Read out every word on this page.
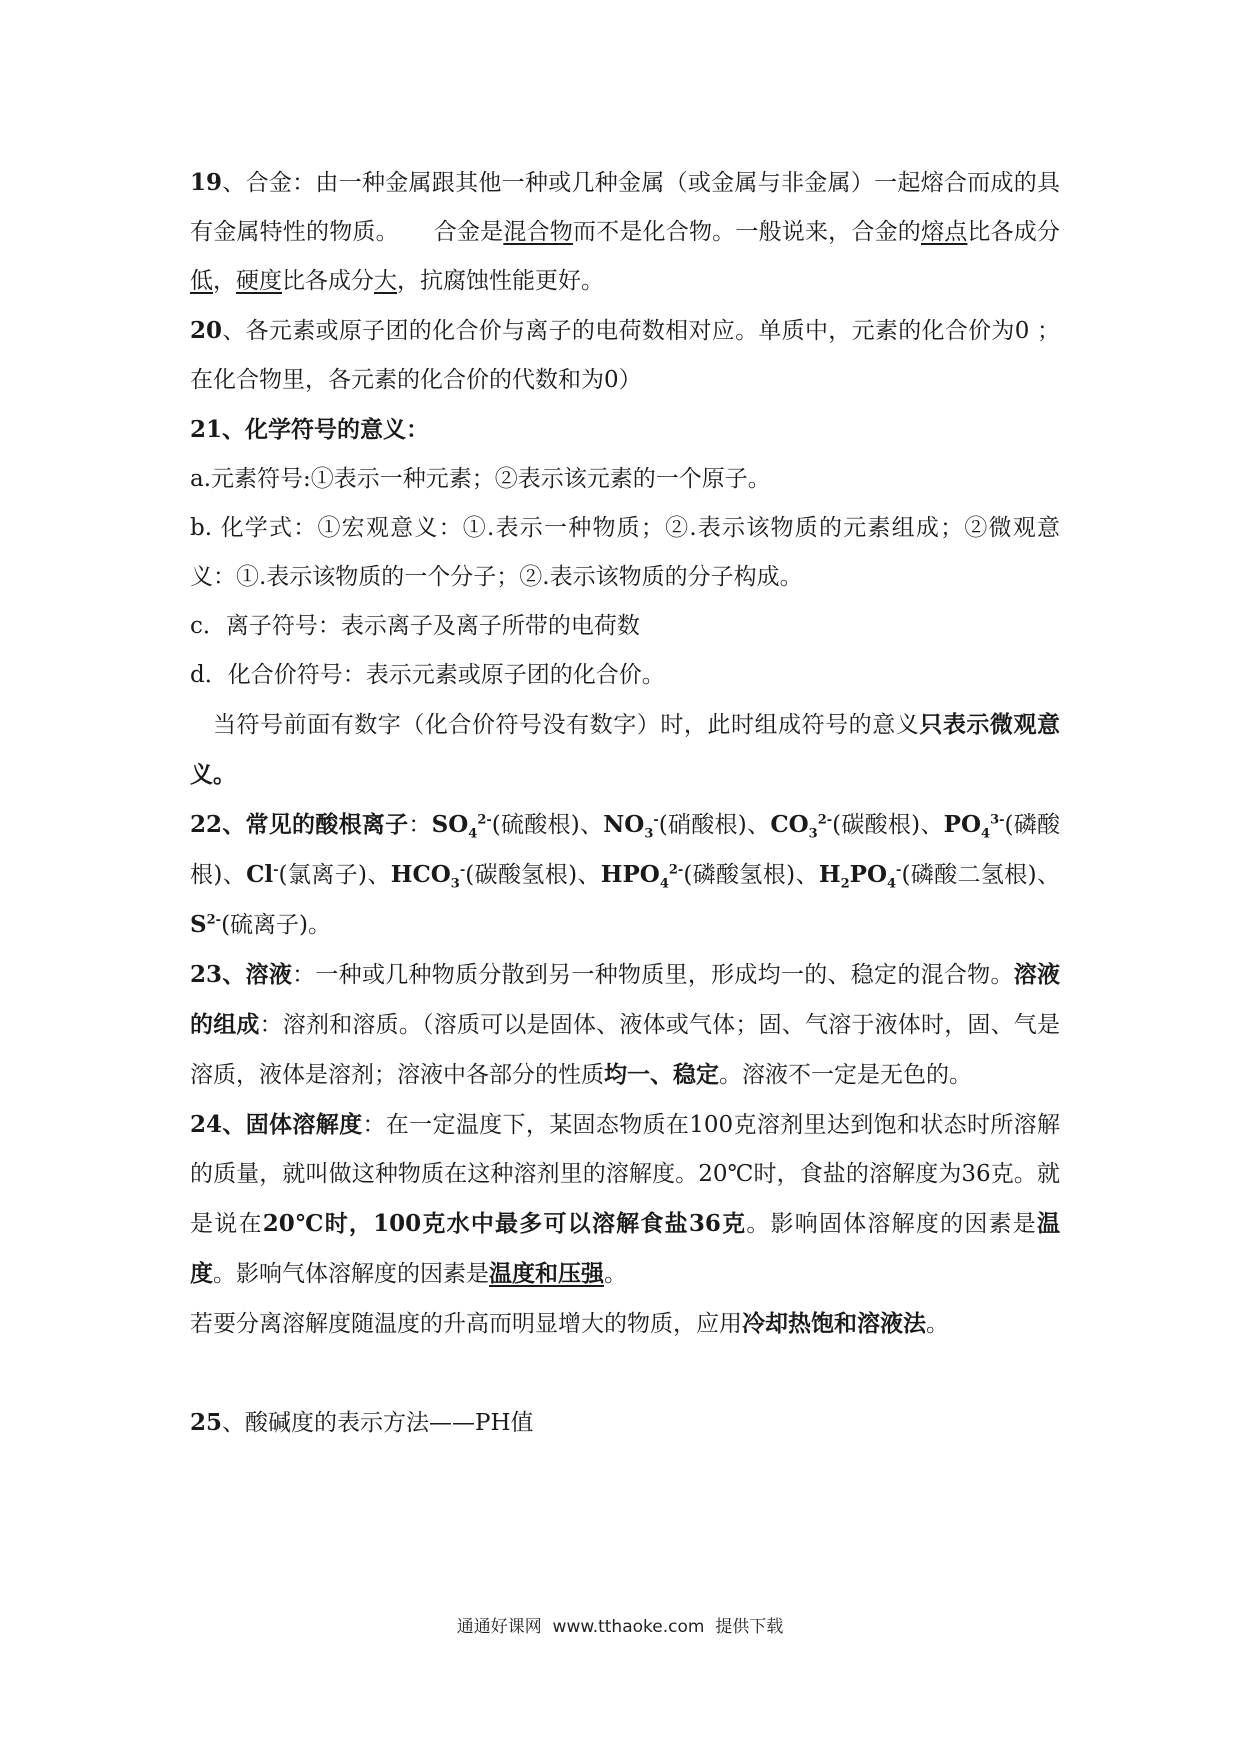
19、合金：由一种金属跟其他一种或几种金属（或金属与非金属）一起熔合而成的具有金属特性的物质。　　 合金是混合物而不是化合物。一般说来，合金的熔点比各成分低，硬度比各成分大，抗腐蚀性能更好。

20、各元素或原子团的化合价与离子的电荷数相对应。单质中，元素的化合价为0 ；在化合物里，各元素的化合价的代数和为0）

21、化学符号的意义：

a.元素符号:①表示一种元素；②表示该元素的一个原子。

b. 化学式：①宏观意义：①.表示一种物质；②.表示该物质的元素组成；②微观意义：①.表示该物质的一个分子；②.表示该物质的分子构成。

c．离子符号：表示离子及离子所带的电荷数

d．化合价符号：表示元素或原子团的化合价。

当符号前面有数字（化合价符号没有数字）时，此时组成符号的意义只表示微观意义。

22、常见的酸根离子：$SO_4^{2-}$(硫酸根)、$NO_3^-$(硝酸根)、$CO_3^{2-}$(碳酸根)、$PO_4^{3-}$(磷酸根)、Cl-(氯离子)、$HCO_3^-$(碳酸氢根)、$HPO_4^{2-}$(磷酸氢根)、$H_2PO_4^-$(磷酸二氢根)、$S^{2-}$(硫离子)。

23、溶液：一种或几种物质分散到另一种物质里，形成均一的、稳定的混合物。溶液的组成：溶剂和溶质。（溶质可以是固体、液体或气体；固、气溶于液体时，固、气是溶质，液体是溶剂；溶液中各部分的性质均一、稳定。溶液不一定是无色的。

24、固体溶解度：在一定温度下，某固态物质在100克溶剂里达到饱和状态时所溶解的质量，就叫做这种物质在这种溶剂里的溶解度。20℃时，食盐的溶解度为36克。就是说在20℃时，100克水中最多可以溶解食盐36克。影响固体溶解度的因素是温度。影响气体溶解度的因素是温度和压强。

若要分离溶解度随温度的升高而明显增大的物质，应用冷却热饱和溶液法。

25、酸碱度的表示方法——PH值

通通好课网  www.tthaoke.com  提供下载
